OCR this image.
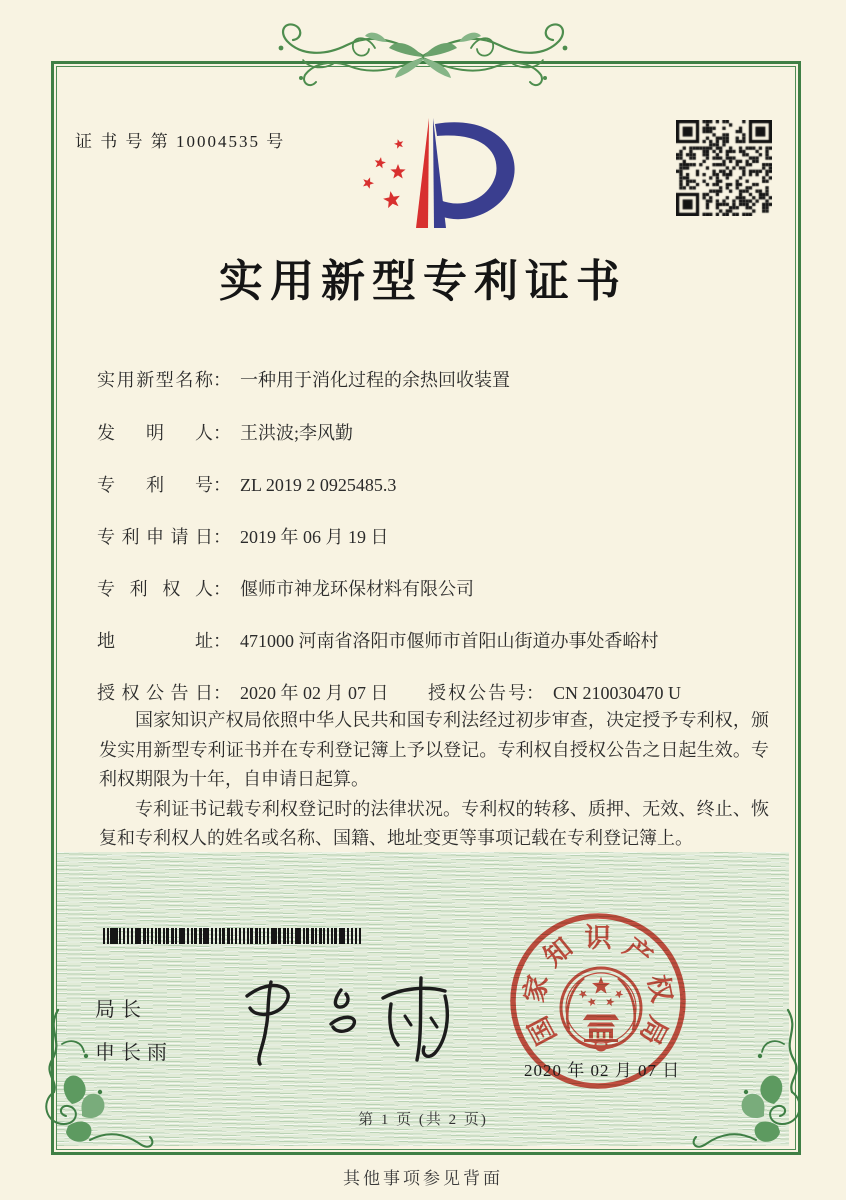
证 书 号 第 10004535 号
实用新型专利证书
实用新型名称： 一种用于消化过程的余热回收装置
发明人： 王洪波;李风勤
专利号： ZL 2019 2 0925485.3
专利申请日： 2019 年 06 月 19 日
专利权人： 偃师市神龙环保材料有限公司
地址： 471000 河南省洛阳市偃师市首阳山街道办事处香峪村
授权公告日： 2020 年 02 月 07 日 授权公告号： CN 210030470 U

国家知识产权局依照中华人民共和国专利法经过初步审查，决定授予专利权，颁发实用新型专利证书并在专利登记簿上予以登记。专利权自授权公告之日起生效。专利权期限为十年，自申请日起算。

专利证书记载专利权登记时的法律状况。专利权的转移、质押、无效、终止、恢复和专利权人的姓名或名称、国籍、地址变更等事项记载在专利登记簿上。

局长
申长雨
国
家
知 识 产
权
局
2020 年 02 月 07 日
第 1 页 (共 2 页)
其他事项参见背面
